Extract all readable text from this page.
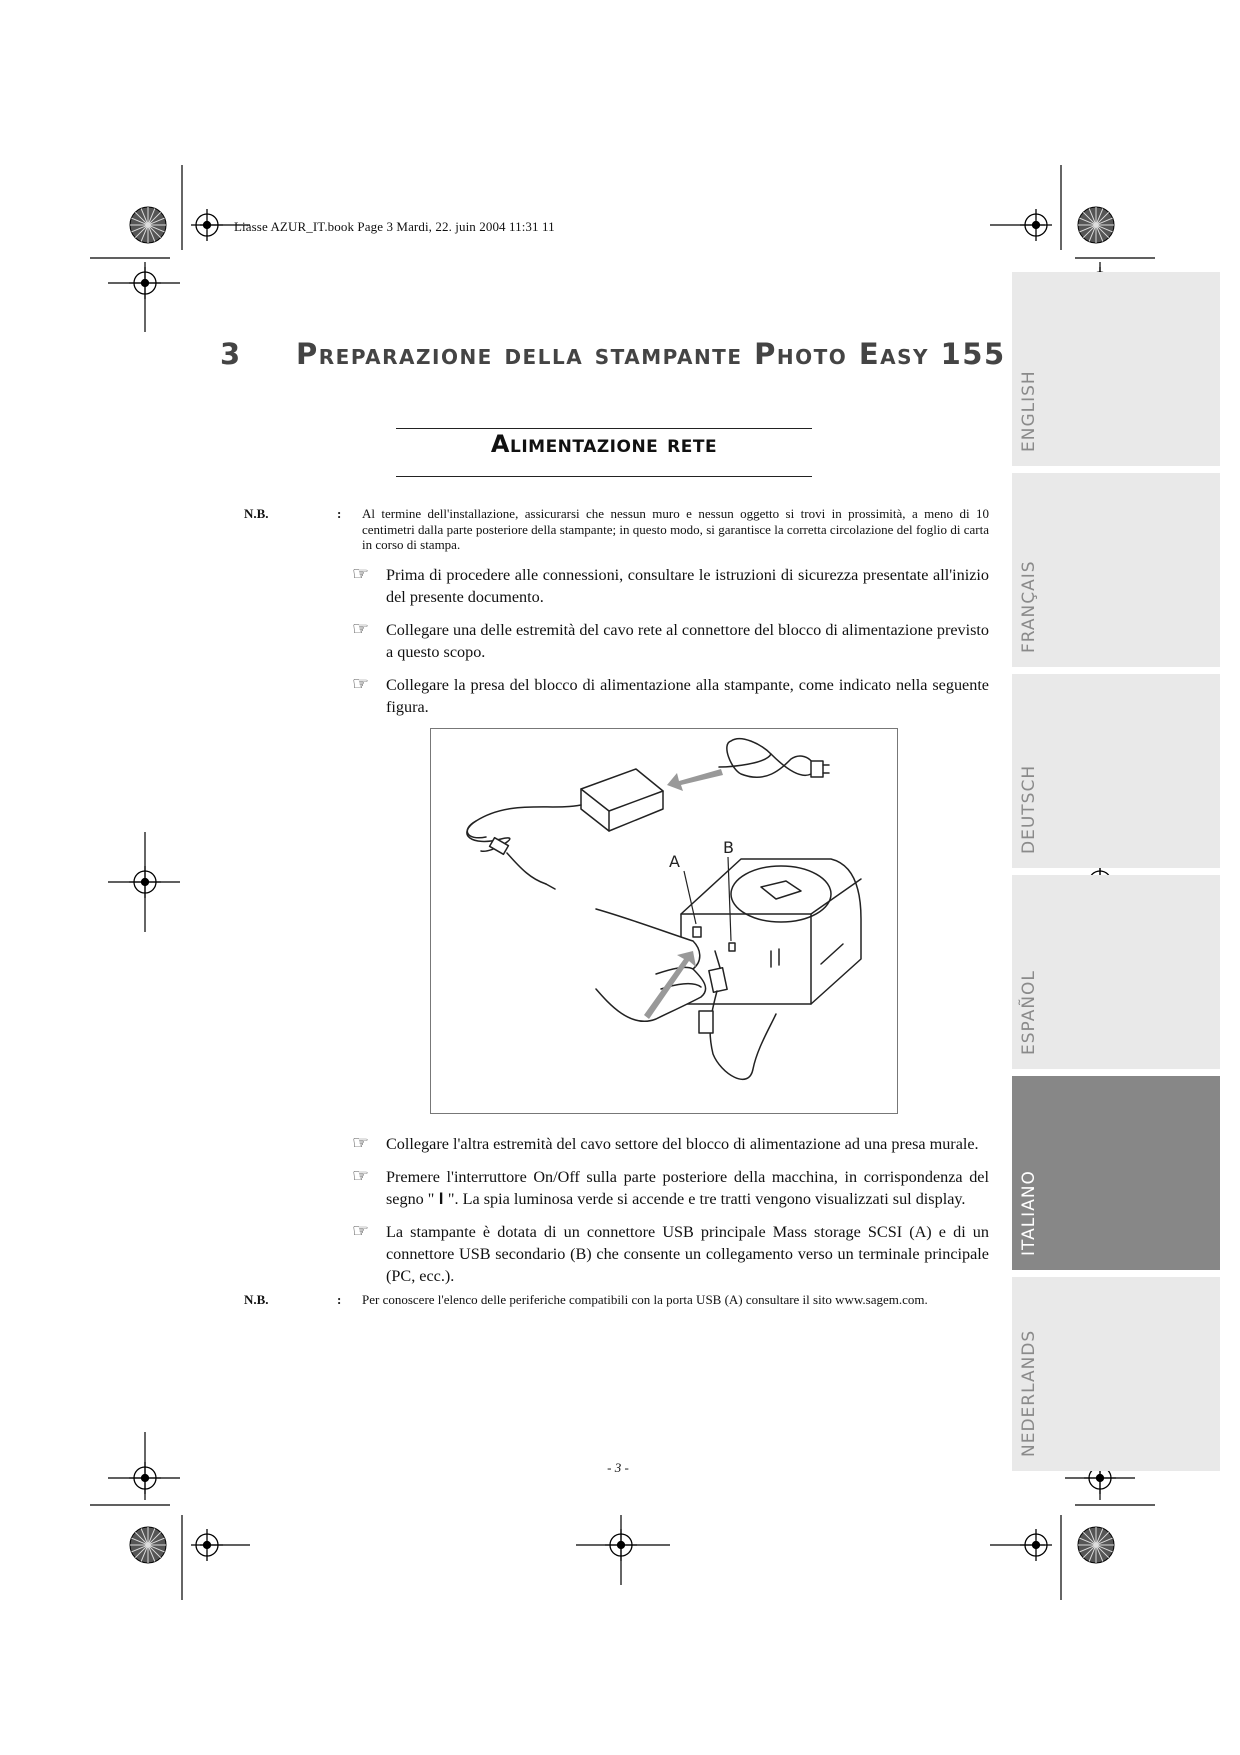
Liasse AZUR_IT.book Page 3 Mardi, 22. juin 2004 11:31 11
3 Preparazione della stampante Photo Easy 155
Alimentazione rete
N.B.	: Al termine dell'installazione, assicurarsi che nessun muro e nessun oggetto si trovi in prossimità, a meno di 10 centimetri dalla parte posteriore della stampante; in questo modo, si garantisce la corretta circolazione del foglio di carta in corso di stampa.
☞ Prima di procedere alle connessioni, consultare le istruzioni di sicurezza presentate all'inizio del presente documento.
☞ Collegare una delle estremità del cavo rete al connettore del blocco di alimentazione previsto a questo scopo.
☞ Collegare la presa del blocco di alimentazione alla stampante, come indicato nella seguente figura.
A
B
☞ Collegare l'altra estremità del cavo settore del blocco di alimentazione ad una presa murale.
☞ Premere l'interruttore On/Off sulla parte posteriore della macchina, in corrispondenza del segno " I ". La spia luminosa verde si accende e tre tratti vengono visualizzati sul display.
☞ La stampante è dotata di un connettore USB principale Mass storage SCSI (A) e di un connettore USB secondario (B) che consente un collegamento verso un terminale principale (PC, ecc.).
N.B.	: Per conoscere l'elenco delle periferiche compatibili con la porta USB (A) consultare il sito www.sagem.com.
- 3 -
ENGLISH
FRANÇAIS
DEUTSCH
ESPAÑOL
ITALIANO
NEDERLANDS
